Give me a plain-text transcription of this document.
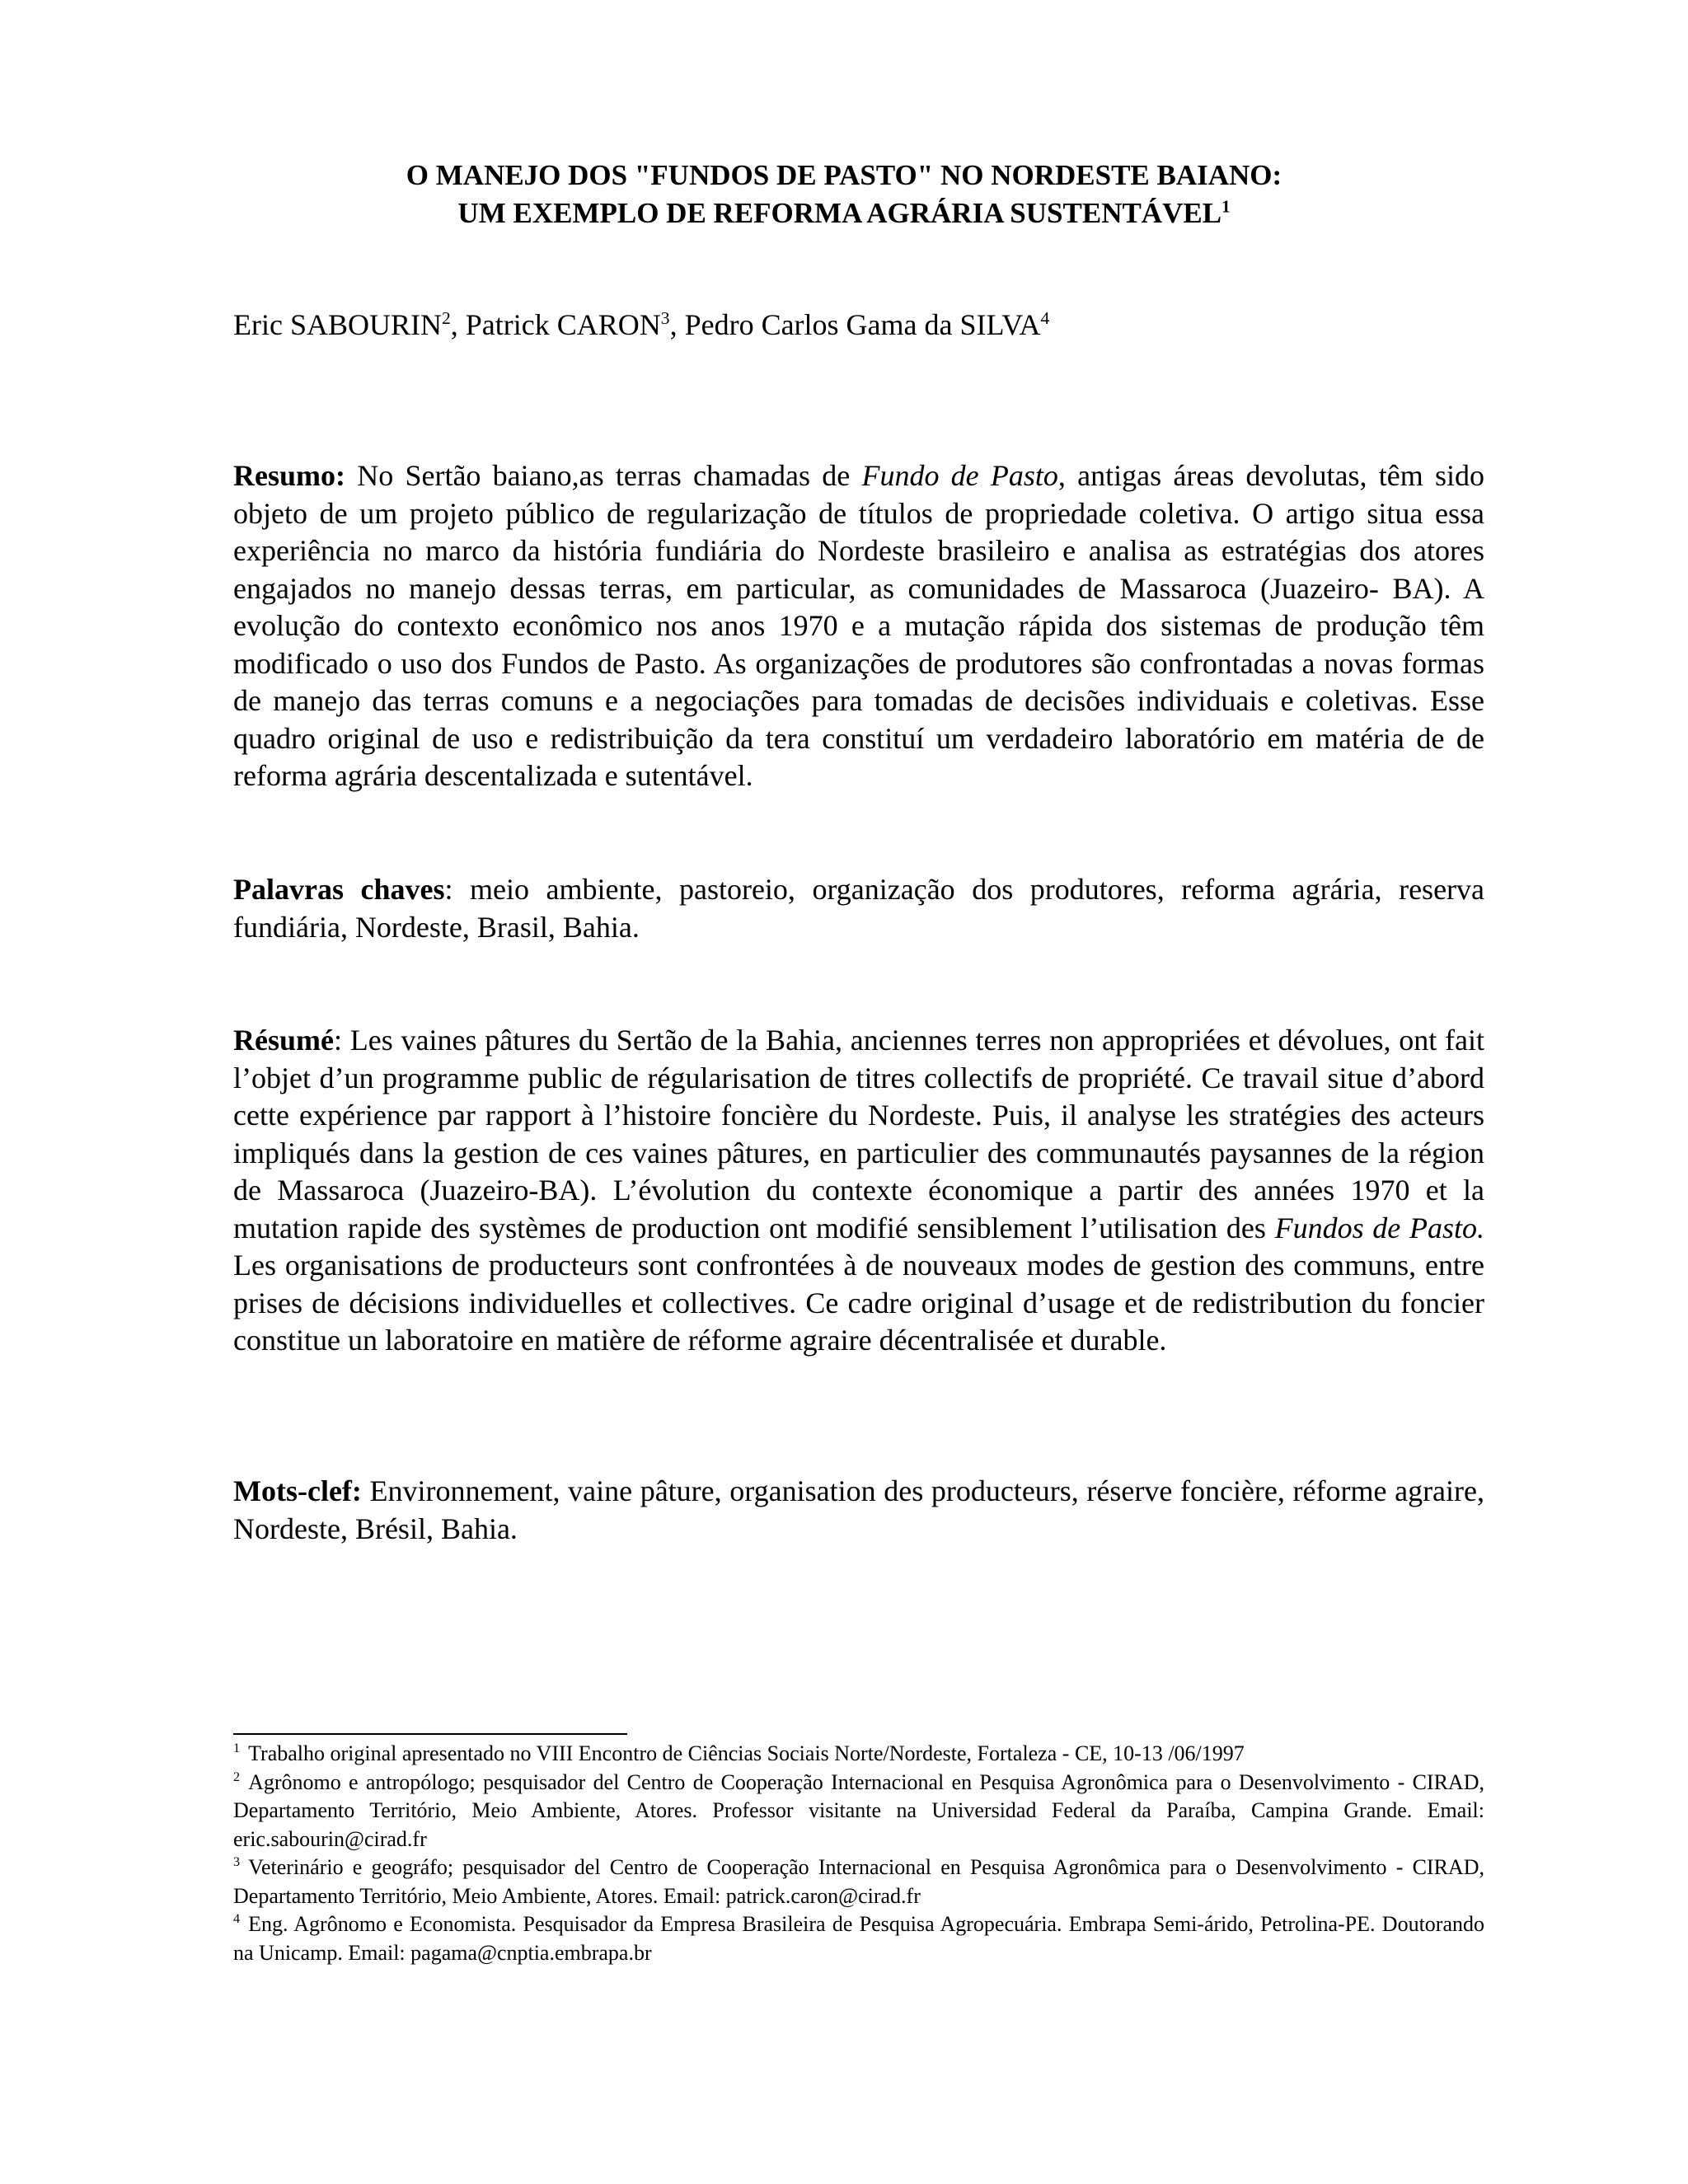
O MANEJO DOS "FUNDOS DE PASTO" NO NORDESTE BAIANO:
UM EXEMPLO DE REFORMA AGRÁRIA SUSTENTÁVEL$^1$
Eric SABOURIN$^2$, Patrick CARON$^3$, Pedro Carlos Gama da SILVA$^4$
Resumo: No Sertão baiano,as terras chamadas de Fundo de Pasto, antigas áreas devolutas, têm sido objeto de um projeto público de regularização de títulos de propriedade coletiva. O artigo situa essa experiência no marco da história fundiária do Nordeste brasileiro e analisa as estratégias dos atores engajados no manejo dessas terras, em particular, as comunidades de Massaroca (Juazeiro- BA). A evolução do contexto econômico nos anos 1970 e a mutação rápida dos sistemas de produção têm modificado o uso dos Fundos de Pasto. As organizações de produtores são confrontadas a novas formas de manejo das terras comuns e a negociações para tomadas de decisões individuais e coletivas. Esse quadro original de uso e redistribuição da tera constituí um verdadeiro laboratório em matéria de de reforma agrária descentalizada e sutentável.
Palavras chaves: meio ambiente, pastoreio, organização dos produtores, reforma agrária, reserva fundiária, Nordeste, Brasil, Bahia.
Résumé: Les vaines pâtures du Sertão de la Bahia, anciennes terres non appropriées et dévolues, ont fait l’objet d’un programme public de régularisation de titres collectifs de propriété. Ce travail situe d’abord cette expérience par rapport à l’histoire foncière du Nordeste. Puis, il analyse les stratégies des acteurs impliqués dans la gestion de ces vaines pâtures, en particulier des communautés paysannes de la région de Massaroca (Juazeiro-BA). L’évolution du contexte économique a partir des années 1970 et la mutation rapide des systèmes de production ont modifié sensiblement l’utilisation des Fundos de Pasto. Les organisations de producteurs sont confrontées à de nouveaux modes de gestion des communs, entre prises de décisions individuelles et collectives. Ce cadre original d’usage et de redistribution du foncier constitue un laboratoire en matière de réforme agraire décentralisée et durable.
Mots-clef: Environnement, vaine pâture, organisation des producteurs, réserve foncière, réforme agraire, Nordeste, Brésil, Bahia.

$^1$ Trabalho original apresentado no VIII Encontro de Ciências Sociais Norte/Nordeste, Fortaleza - CE, 10-13 /06/1997

$^2$ Agrônomo e antropólogo; pesquisador del Centro de Cooperação Internacional en Pesquisa Agronômica para o Desenvolvimento - CIRAD, Departamento Território, Meio Ambiente, Atores. Professor visitante na Universidad Federal da Paraíba, Campina Grande. Email: eric.sabourin@cirad.fr

$^3$ Veterinário e geográfo; pesquisador del Centro de Cooperação Internacional en Pesquisa Agronômica para o Desenvolvimento - CIRAD, Departamento Território, Meio Ambiente, Atores. Email: patrick.caron@cirad.fr

$^4$ Eng. Agrônomo e Economista. Pesquisador da Empresa Brasileira de Pesquisa Agropecuária. Embrapa Semi-árido, Petrolina-PE. Doutorando na Unicamp. Email: pagama@cnptia.embrapa.br
